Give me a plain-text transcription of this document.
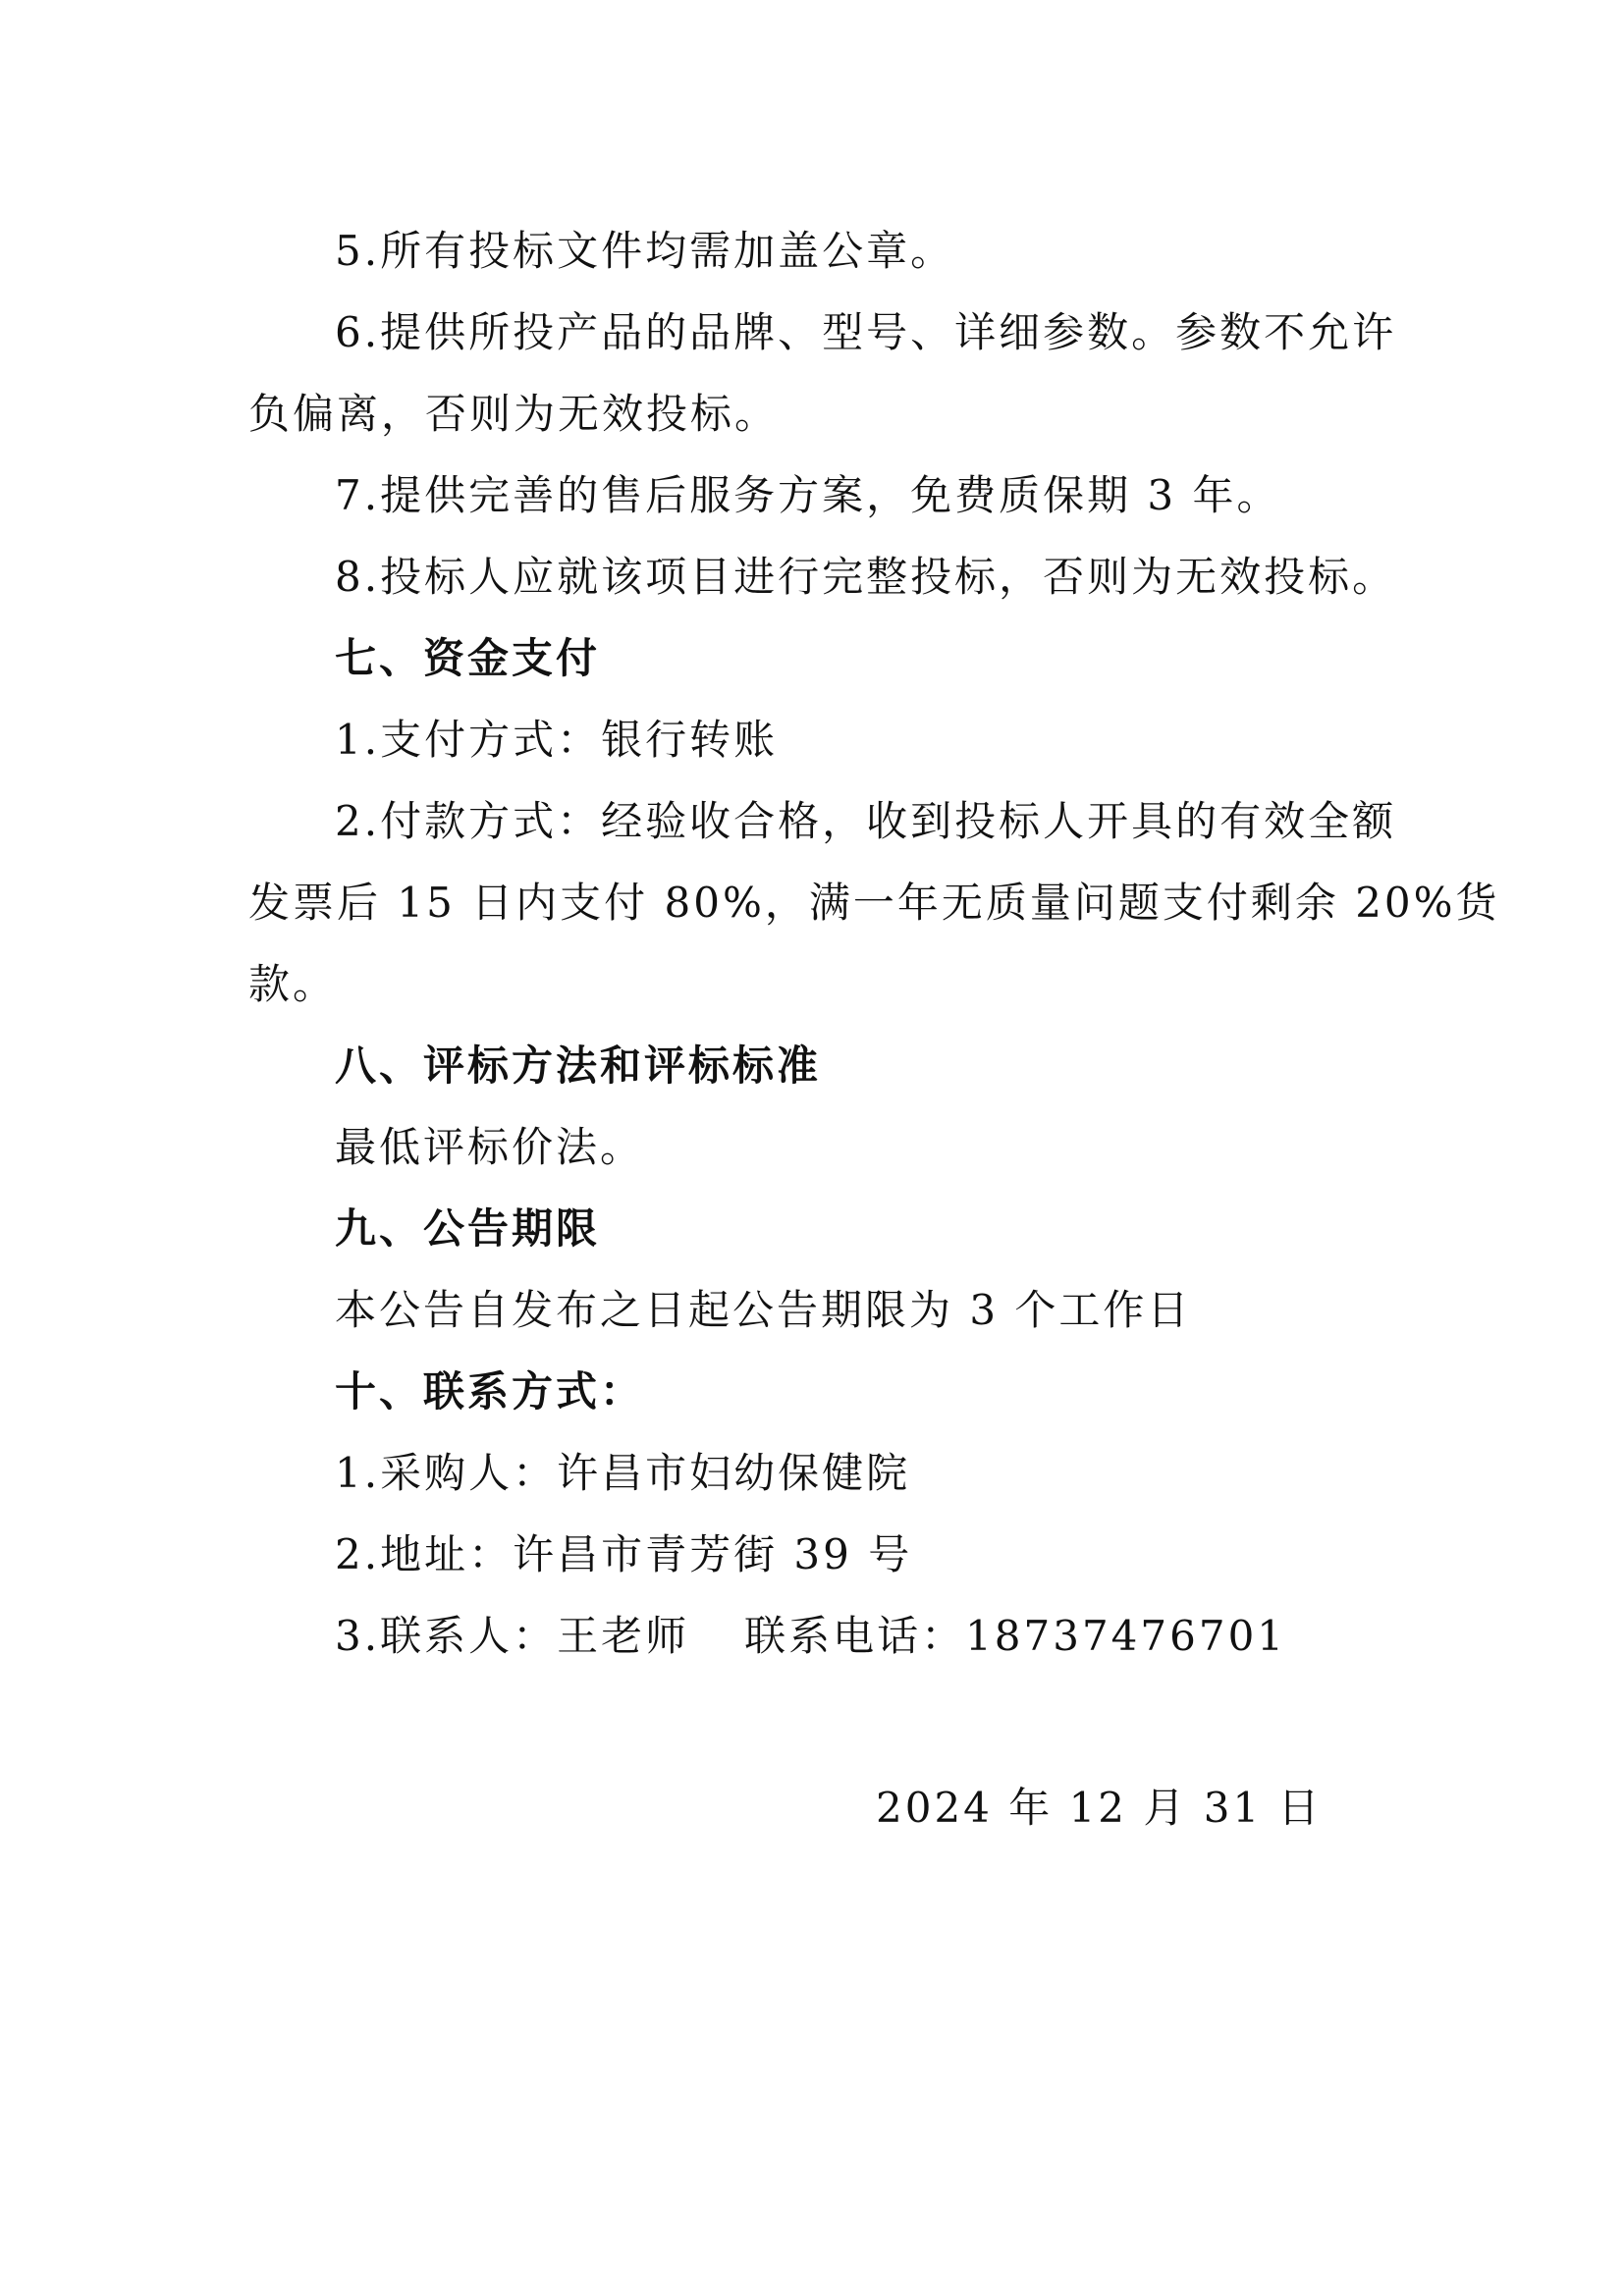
5.所有投标文件均需加盖公章。

6.提供所投产品的品牌、型号、详细参数。参数不允许

负偏离，否则为无效投标。

7.提供完善的售后服务方案，免费质保期 3 年。

8.投标人应就该项目进行完整投标，否则为无效投标。

七、资金支付

1.支付方式：银行转账

2.付款方式：经验收合格，收到投标人开具的有效全额

发票后 15 日内支付 80%，满一年无质量问题支付剩余 20%货

款。

八、评标方法和评标标准

最低评标价法。

九、公告期限

本公告自发布之日起公告期限为 3 个工作日

十、联系方式：

1.采购人：许昌市妇幼保健院

2.地址：许昌市青芳街 39 号

3.联系人：王老师 联系电话：18737476701

2024 年 12 月 31 日
